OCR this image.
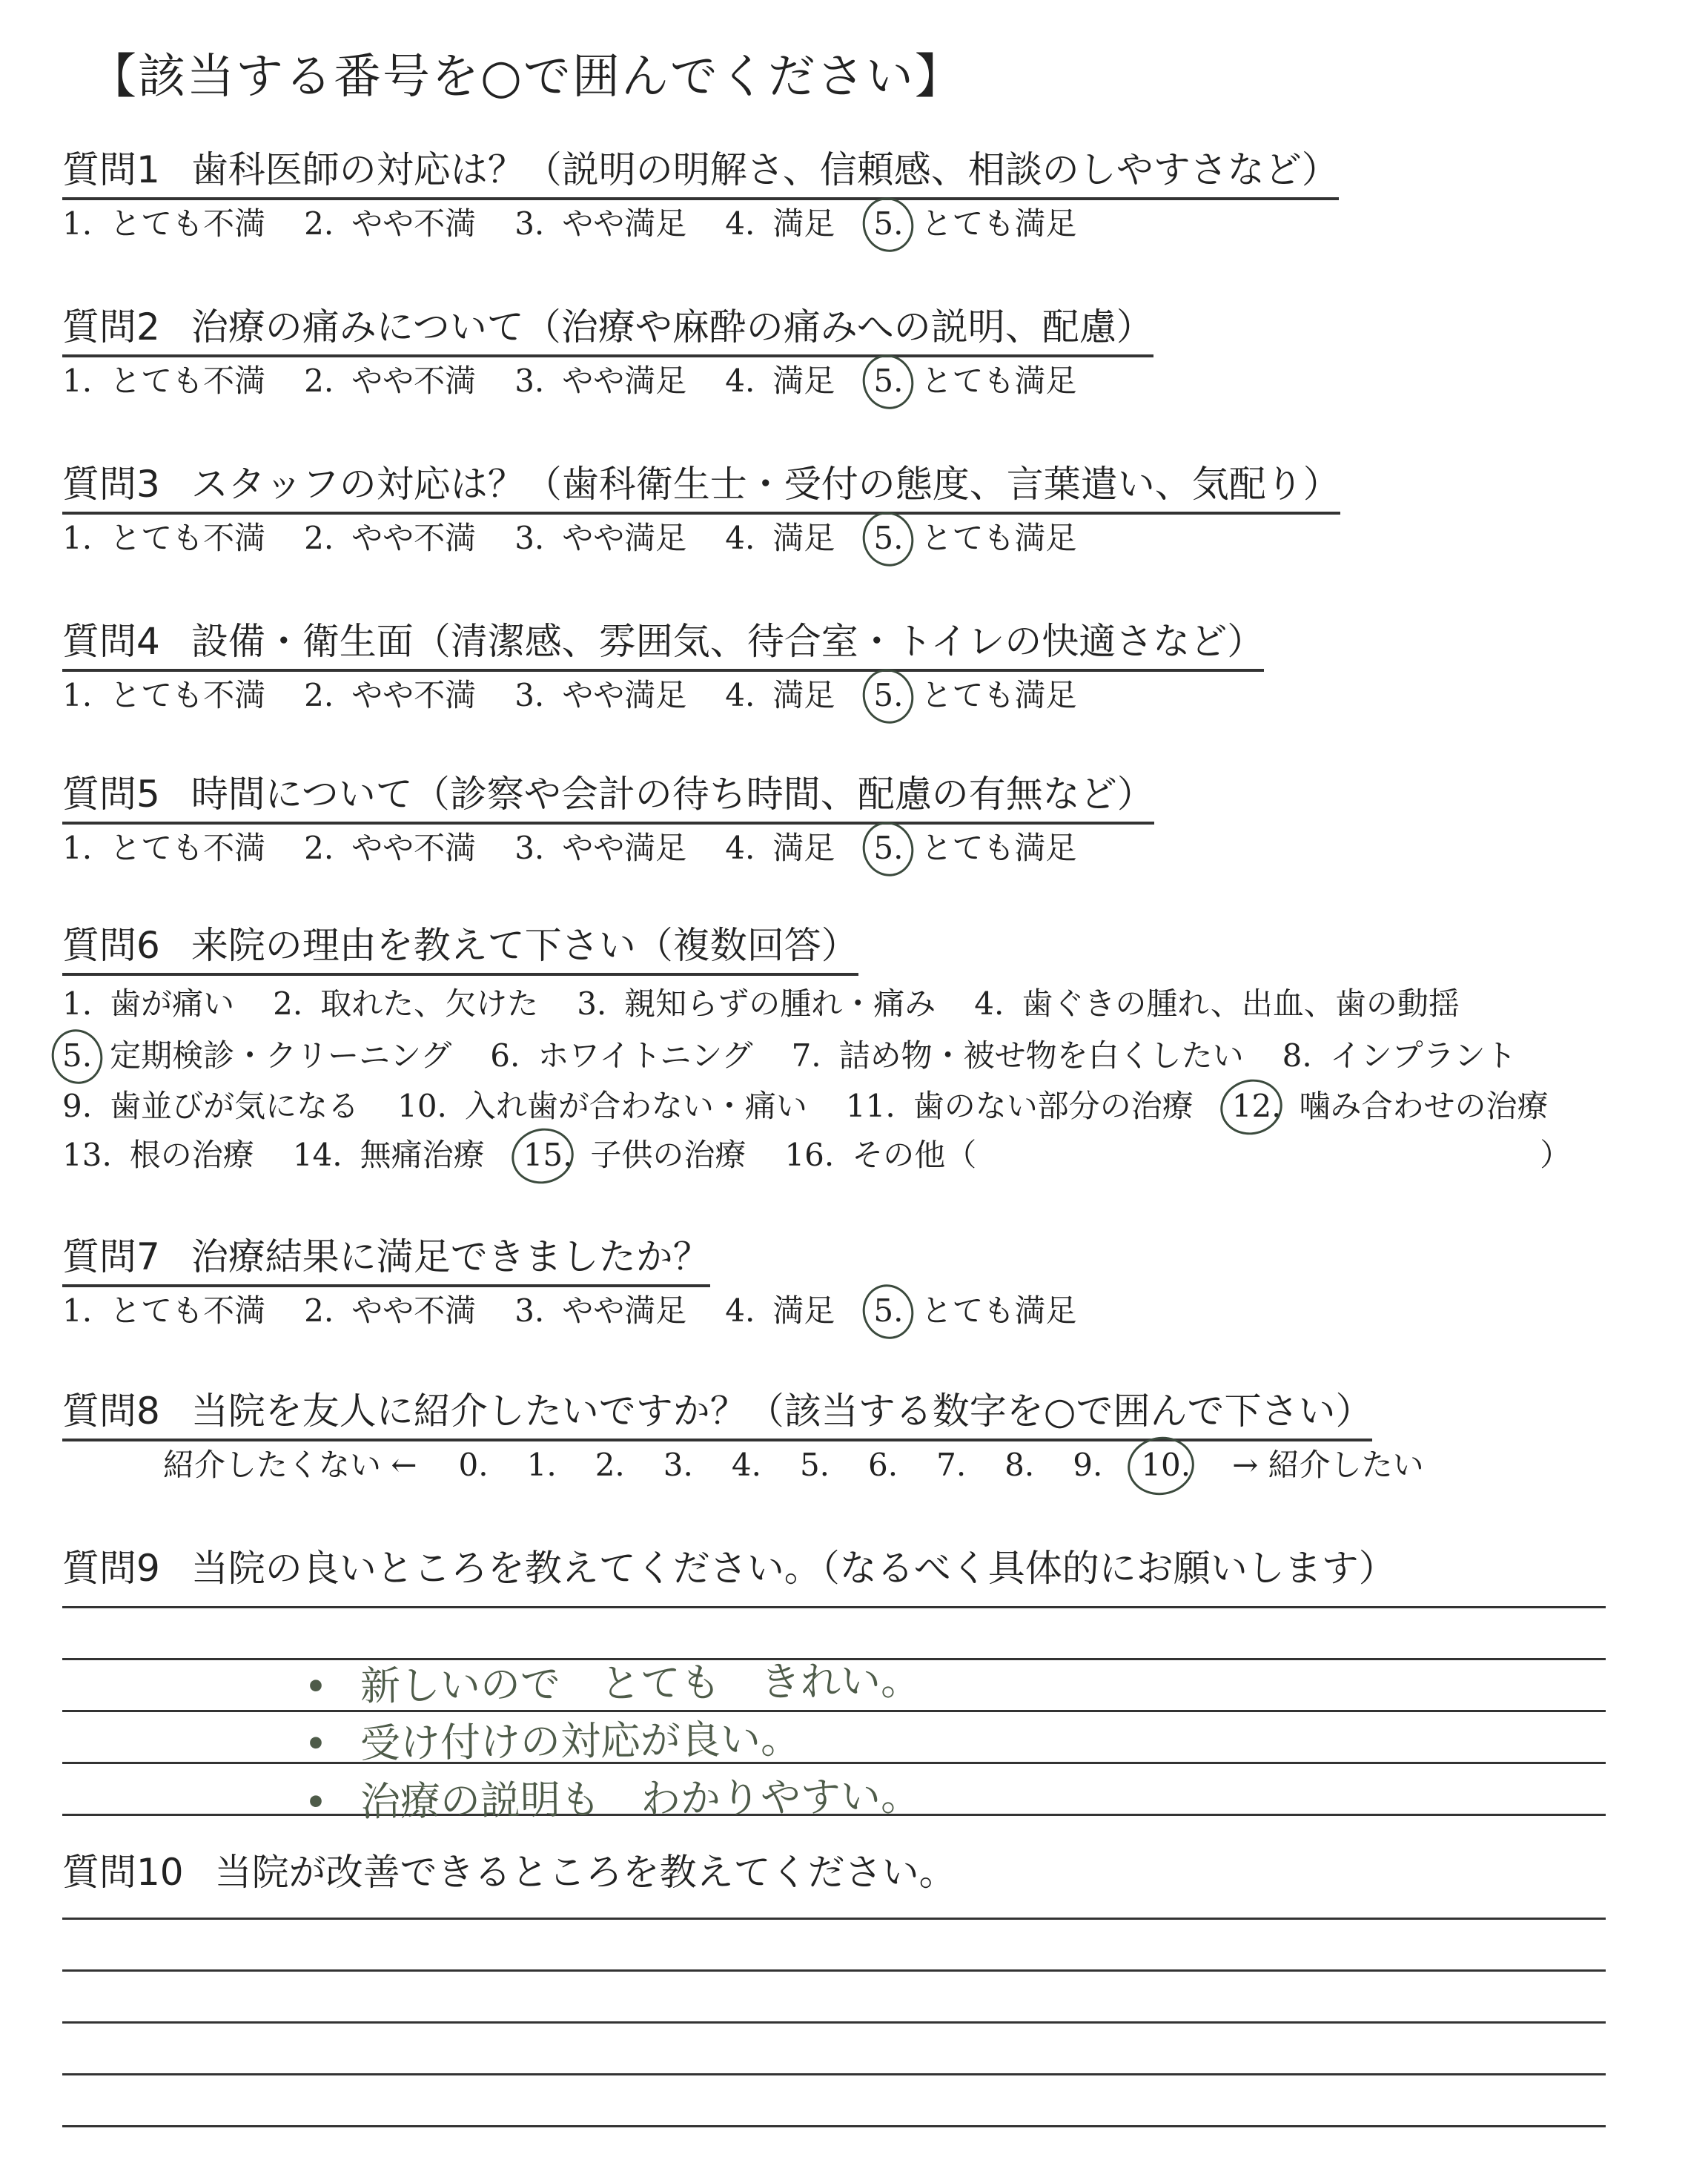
【該当する番号を○で囲んでください】
質問1 歯科医師の対応は？（説明の明解さ、信頼感、相談のしやすさなど）
1. とても不満 2. やや不満 3. やや満足 4. 満足 5. とても満足
質問2 治療の痛みについて（治療や麻酔の痛みへの説明、配慮）
1. とても不満 2. やや不満 3. やや満足 4. 満足 5. とても満足
質問3 スタッフの対応は？（歯科衛生士・受付の態度、言葉遣い、気配り）
1. とても不満 2. やや不満 3. やや満足 4. 満足 5. とても満足
質問4 設備・衛生面（清潔感、雰囲気、待合室・トイレの快適さなど）
1. とても不満 2. やや不満 3. やや満足 4. 満足 5. とても満足
質問5 時間について（診察や会計の待ち時間、配慮の有無など）
1. とても不満 2. やや不満 3. やや満足 4. 満足 5. とても満足
質問6 来院の理由を教えて下さい（複数回答）
1. 歯が痛い 2. 取れた、欠けた 3. 親知らずの腫れ・痛み 4. 歯ぐきの腫れ、出血、歯の動揺
5. 定期検診・クリーニング 6. ホワイトニング 7. 詰め物・被せ物を白くしたい 8. インプラント
9. 歯並びが気になる 10. 入れ歯が合わない・痛い 11. 歯のない部分の治療 12. 噛み合わせの治療
13. 根の治療 14. 無痛治療 15. 子供の治療 16. その他（	）
質問7 治療結果に満足できましたか？
1. とても不満 2. やや不満 3. やや満足 4. 満足 5. とても満足
質問8 当院を友人に紹介したいですか？（該当する数字を○で囲んで下さい）
紹介したくない ← 0. 1. 2. 3. 4. 5. 6. 7. 8. 9. 10. → 紹介したい
質問9 当院の良いところを教えてください。（なるべく具体的にお願いします）
• 新しいので　とても　きれい。
• 受け付けの対応が良い。
• 治療の説明も　わかりやすい。
質問10 当院が改善できるところを教えてください。
